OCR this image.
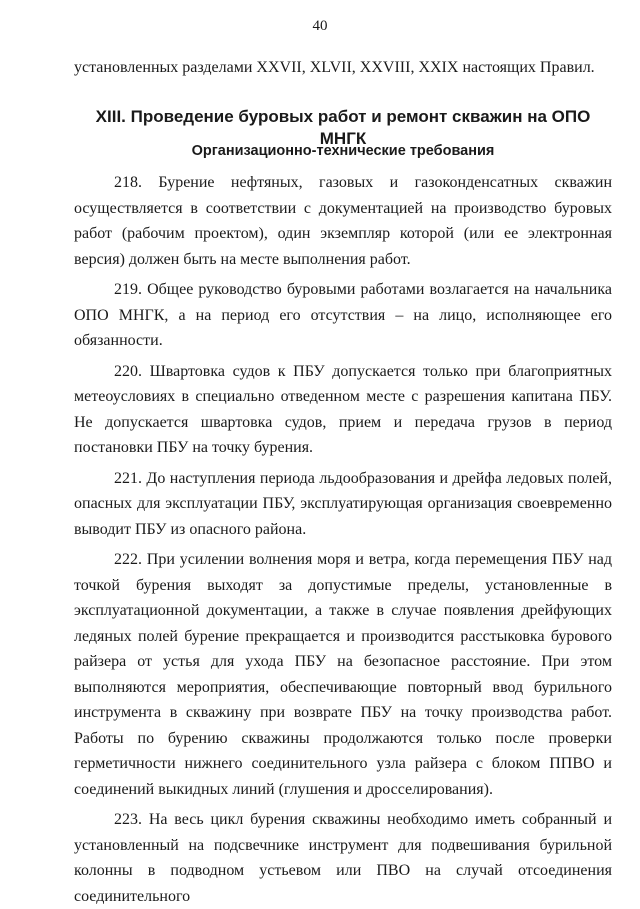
40

установленных разделами XXVII, XLVII, XXVIII, XXIX настоящих Правил.

XIII. Проведение буровых работ и ремонт скважин на ОПО МНГК
Организационно-технические требования

218. Бурение нефтяных, газовых и газоконденсатных скважин осуществляется в соответствии с документацией на производство буровых работ (рабочим проектом), один экземпляр которой (или ее электронная версия) должен быть на месте выполнения работ.

219. Общее руководство буровыми работами возлагается на начальника ОПО МНГК, а на период его отсутствия – на лицо, исполняющее его обязанности.

220. Швартовка судов к ПБУ допускается только при благоприятных метеоусловиях в специально отведенном месте с разрешения капитана ПБУ. Не допускается швартовка судов, прием и передача грузов в период постановки ПБУ на точку бурения.

221. До наступления периода льдообразования и дрейфа ледовых полей, опасных для эксплуатации ПБУ, эксплуатирующая организация своевременно выводит ПБУ из опасного района.

222. При усилении волнения моря и ветра, когда перемещения ПБУ над точкой бурения выходят за допустимые пределы, установленные в эксплуатационной документации, а также в случае появления дрейфующих ледяных полей бурение прекращается и производится расстыковка бурового райзера от устья для ухода ПБУ на безопасное расстояние. При этом выполняются мероприятия, обеспечивающие повторный ввод бурильного инструмента в скважину при возврате ПБУ на точку производства работ. Работы по бурению скважины продолжаются только после проверки герметичности нижнего соединительного узла райзера с блоком ППВО и соединений выкидных линий (глушения и дросселирования).

223. На весь цикл бурения скважины необходимо иметь собранный и установленный на подсвечнике инструмент для подвешивания бурильной колонны в подводном устьевом или ПВО на случай отсоединения соединительного
